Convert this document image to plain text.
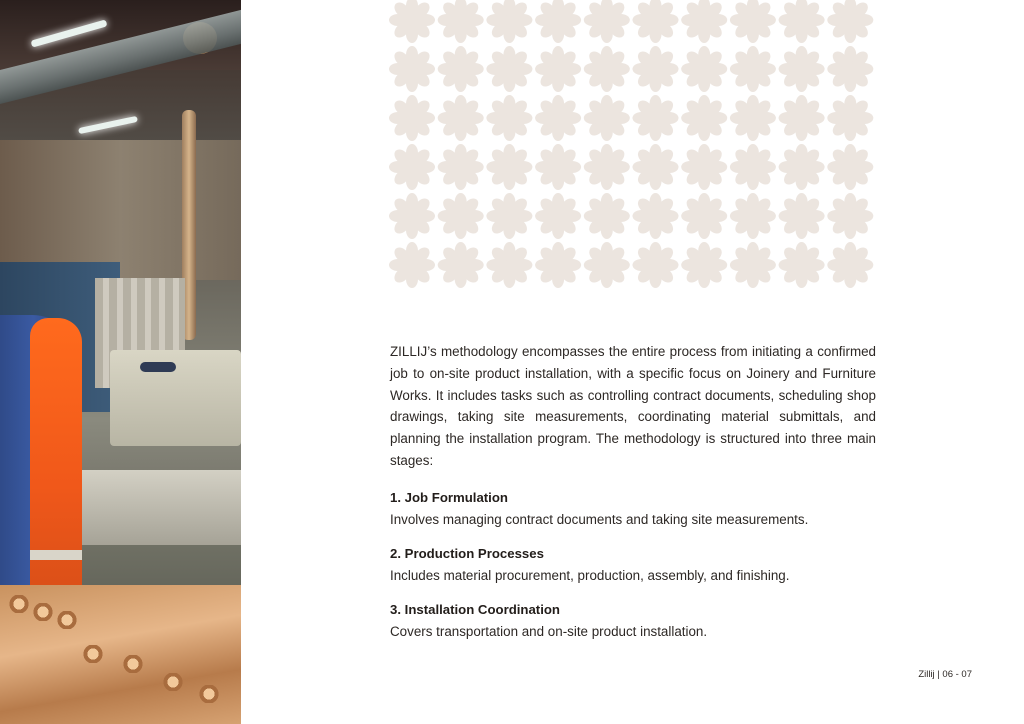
ZILLIJ’s methodology encompasses the entire process from initiating a confirmed job to on-site product installation, with a specific focus on Joinery and Furniture Works. It includes tasks such as controlling contract documents, scheduling shop drawings, taking site measurements, coordinating material submittals, and planning the installation program. The methodology is structured into three main stages:

1. Job Formulation

Involves managing contract documents and taking site measurements.

2. Production Processes

Includes material procurement, production, assembly, and finishing.

3. Installation Coordination

Covers transportation and on-site product installation.

Zillij | 06 - 07
